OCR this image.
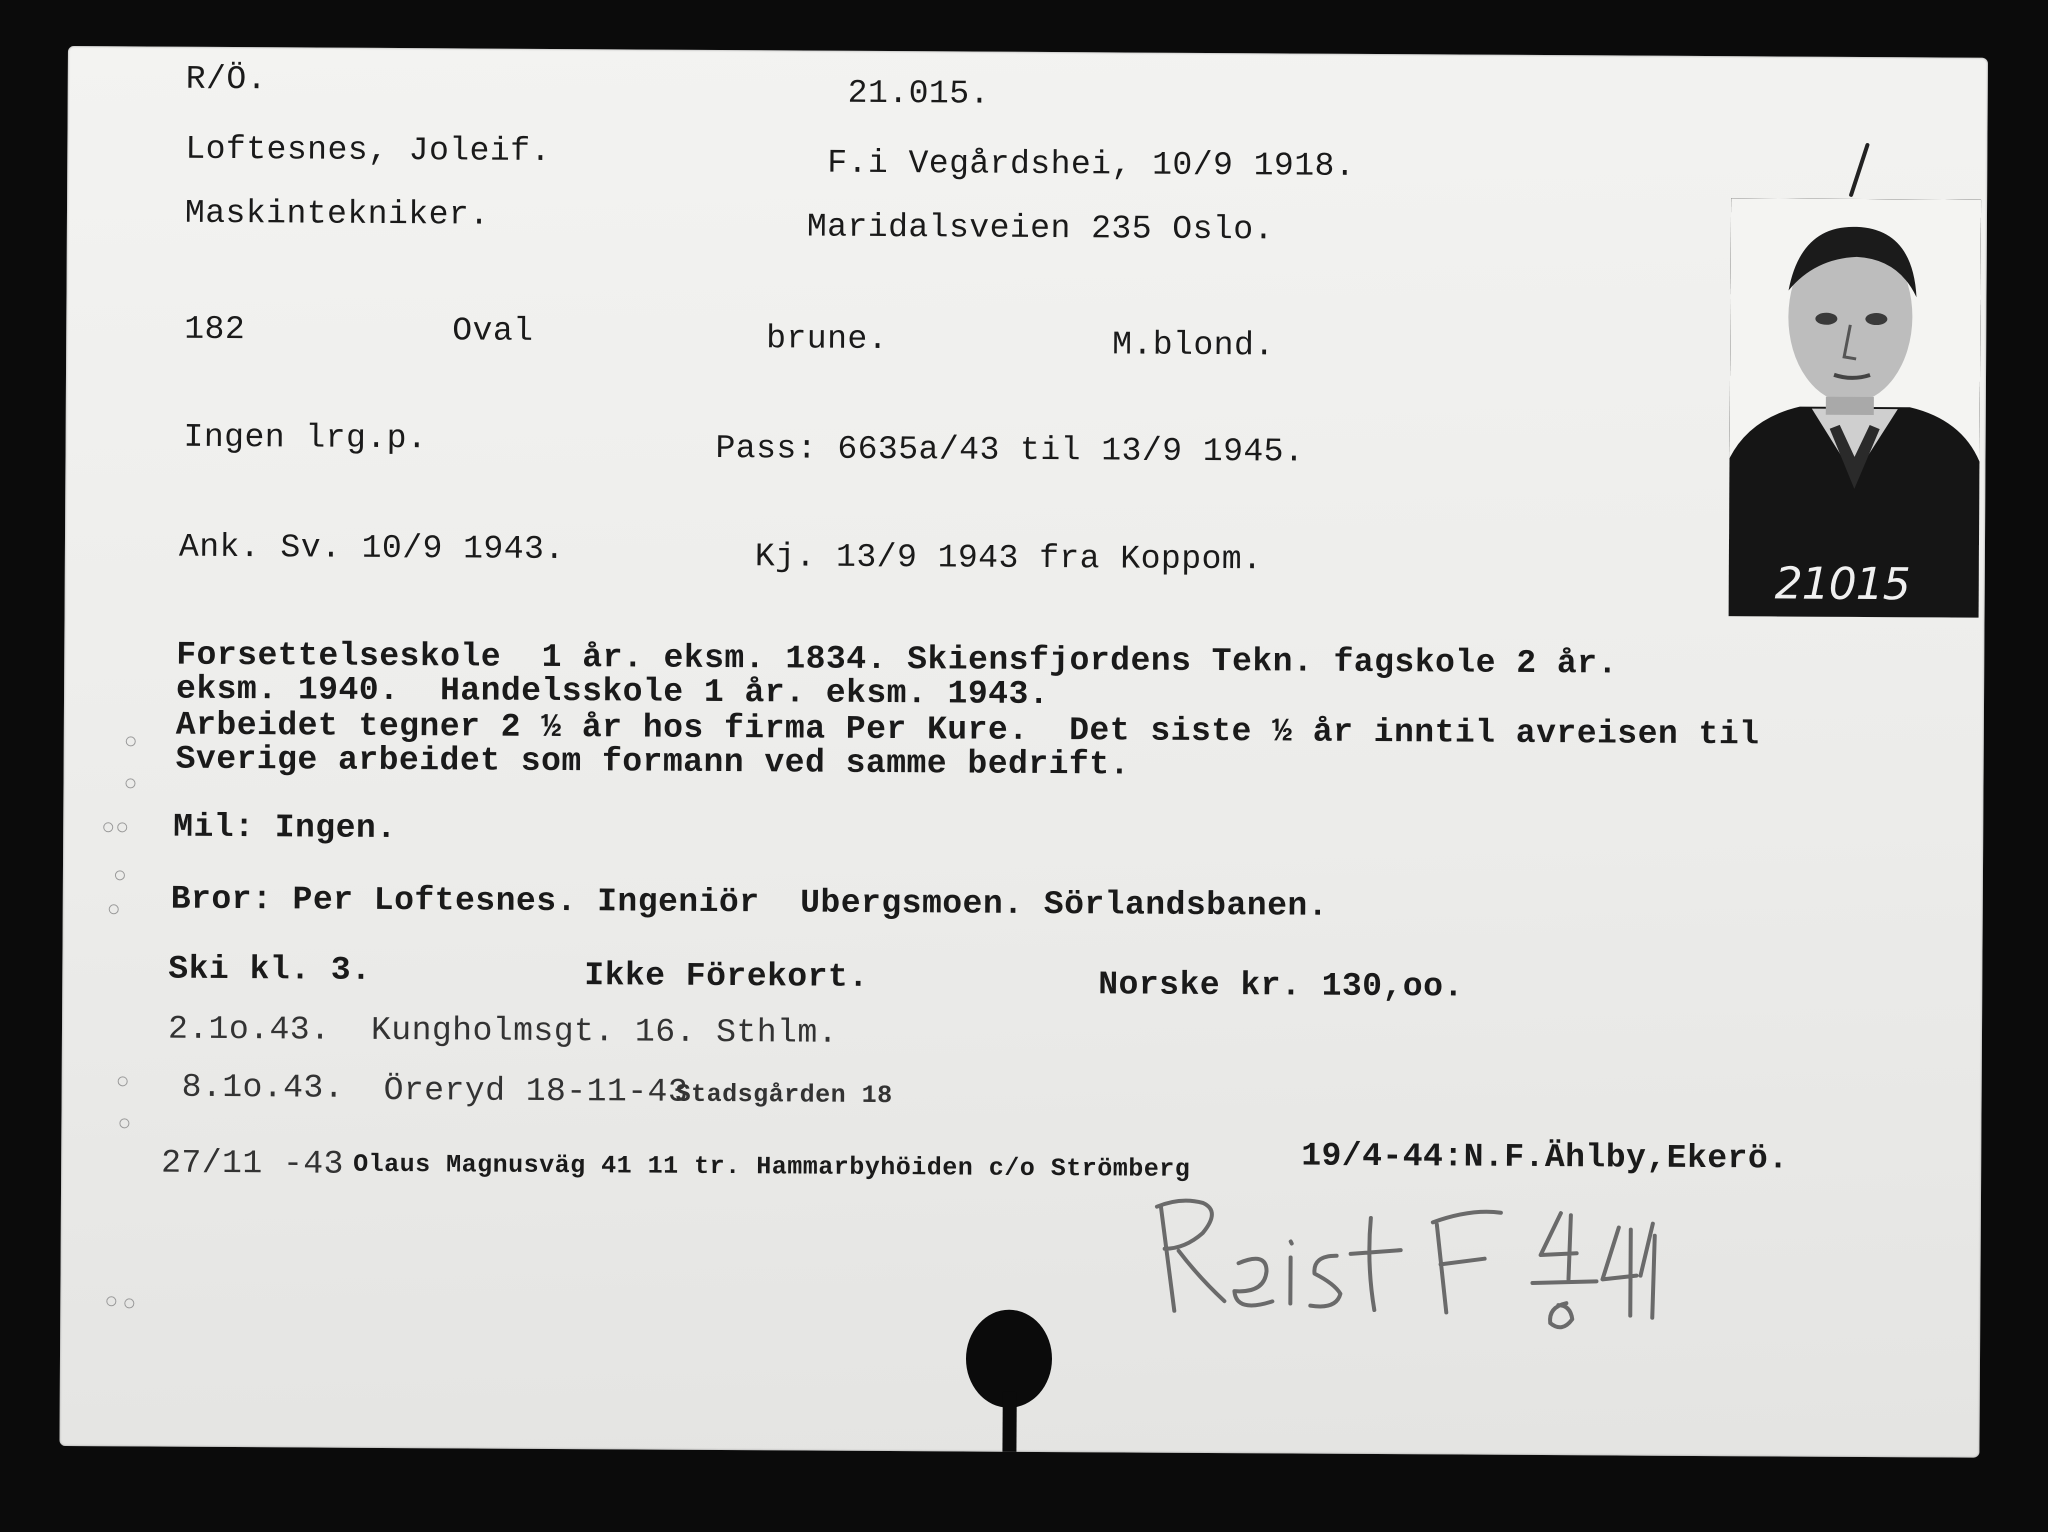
R/Ö.	21.015.
Loftesnes, Joleif.	F.i Vegårdshei, 10/9 1918.
Maskintekniker.	Maridalsveien 235 Oslo.
182	Oval	brune.	M.blond.
Ingen lrg.p.	Pass: 6635a/43 til 13/9 1945.
Ank. Sv. 10/9 1943.	Kj. 13/9 1943 fra Koppom.
Forsettelseskole  1 år. eksm. 1834. Skiensfjordens Tekn. fagskole 2 år.
eksm. 1940.  Handelsskole 1 år. eksm. 1943.
Arbeidet tegner 2 ½ år hos firma Per Kure.  Det siste ½ år inntil avreisen til
Sverige arbeidet som formann ved samme bedrift.
Mil: Ingen.
Bror: Per Loftesnes. Ingeniör  Ubergsmoen. Sörlandsbanen.
Ski kl. 3.	Ikke Förekort.	Norske kr. 130,oo.
2.1o.43.  Kungholmsgt. 16. Sthlm.
8.1o.43. Öreryd 18-11-43
Stadsgården 18
27/11 -43 Olaus Magnusväg 41 11 tr. Hammarbyhöiden c/o Strömberg	19/4-44:N.F.Ählby,Ekerö.
21015
